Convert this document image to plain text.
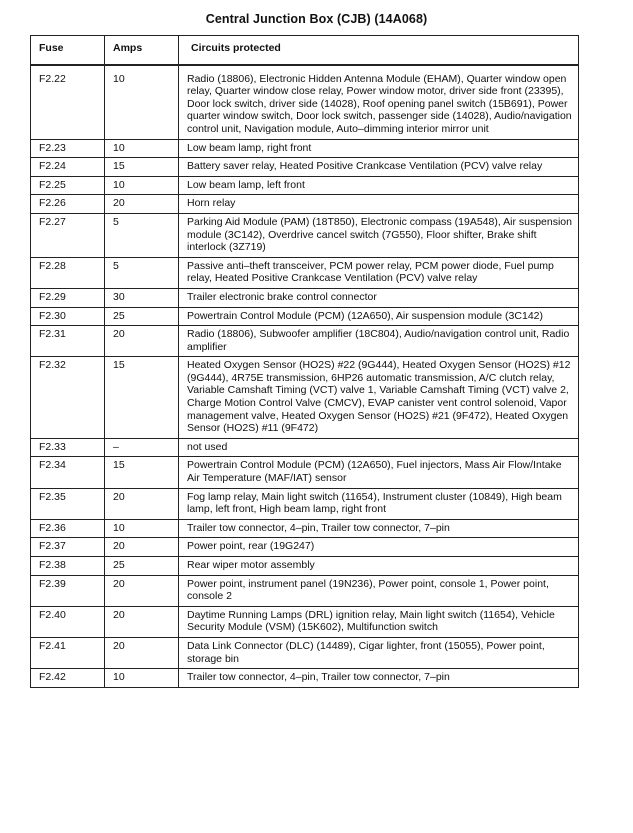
Central Junction Box (CJB) (14A068)
Fuse	Amps	Circuits protected
F2.22	10	Radio (18806), Electronic Hidden Antenna Module (EHAM), Quarter window open relay, Quarter window close relay, Power window motor, driver side front (23395), Door lock switch, driver side (14028), Roof opening panel switch (15B691), Power quarter window switch, Door lock switch, passenger side (14028), Audio/navigation control unit, Navigation module, Auto–dimming interior mirror unit
F2.23	10	Low beam lamp, right front
F2.24	15	Battery saver relay, Heated Positive Crankcase Ventilation (PCV) valve relay
F2.25	10	Low beam lamp, left front
F2.26	20	Horn relay
F2.27	5	Parking Aid Module (PAM) (18T850), Electronic compass (19A548), Air suspension module (3C142), Overdrive cancel switch (7G550), Floor shifter, Brake shift interlock (3Z719)
F2.28	5	Passive anti–theft transceiver, PCM power relay, PCM power diode, Fuel pump relay, Heated Positive Crankcase Ventilation (PCV) valve relay
F2.29	30	Trailer electronic brake control connector
F2.30	25	Powertrain Control Module (PCM) (12A650), Air suspension module (3C142)
F2.31	20	Radio (18806), Subwoofer amplifier (18C804), Audio/navigation control unit, Radio amplifier
F2.32	15	Heated Oxygen Sensor (HO2S) #22 (9G444), Heated Oxygen Sensor (HO2S) #12 (9G444), 4R75E transmission, 6HP26 automatic transmission, A/C clutch relay, Variable Camshaft Timing (VCT) valve 1, Variable Camshaft Timing (VCT) valve 2, Charge Motion Control Valve (CMCV), EVAP canister vent control solenoid, Vapor management valve, Heated Oxygen Sensor (HO2S) #21 (9F472), Heated Oxygen Sensor (HO2S) #11 (9F472)
F2.33	–	not used
F2.34	15	Powertrain Control Module (PCM) (12A650), Fuel injectors, Mass Air Flow/Intake Air Temperature (MAF/IAT) sensor
F2.35	20	Fog lamp relay, Main light switch (11654), Instrument cluster (10849), High beam lamp, left front, High beam lamp, right front
F2.36	10	Trailer tow connector, 4–pin, Trailer tow connector, 7–pin
F2.37	20	Power point, rear (19G247)
F2.38	25	Rear wiper motor assembly
F2.39	20	Power point, instrument panel (19N236), Power point, console 1, Power point, console 2
F2.40	20	Daytime Running Lamps (DRL) ignition relay, Main light switch (11654), Vehicle Security Module (VSM) (15K602), Multifunction switch
F2.41	20	Data Link Connector (DLC) (14489), Cigar lighter, front (15055), Power point, storage bin
F2.42	10	Trailer tow connector, 4–pin, Trailer tow connector, 7–pin
